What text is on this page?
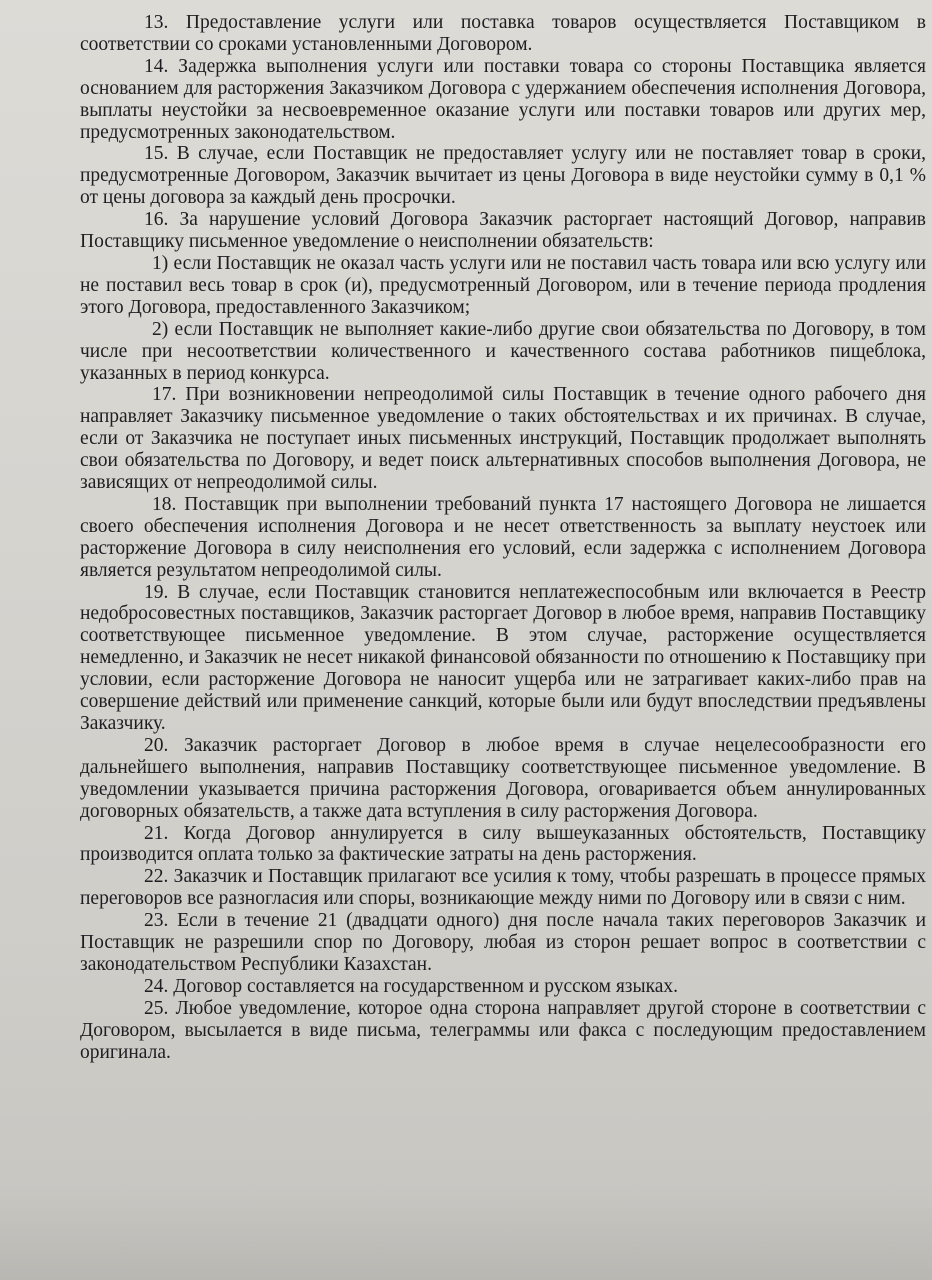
13. Предоставление услуги или поставка товаров осуществляется Поставщиком в соответствии со сроками установленными Договором.

14. Задержка выполнения услуги или поставки товара со стороны Поставщика является основанием для расторжения Заказчиком Договора с удержанием обеспечения исполнения Договора, выплаты неустойки за несвоевременное оказание услуги или поставки товаров или других мер, предусмотренных законодательством.

15. В случае, если Поставщик не предоставляет услугу или не поставляет товар в сроки, предусмотренные Договором, Заказчик вычитает из цены Договора в виде неустойки сумму в 0,1 % от цены договора за каждый день просрочки.

16. За нарушение условий Договора Заказчик расторгает настоящий Договор, направив Поставщику письменное уведомление о неисполнении обязательств:

1) если Поставщик не оказал часть услуги или не поставил часть товара или всю услугу или не поставил весь товар в срок (и), предусмотренный Договором, или в течение периода продления этого Договора, предоставленного Заказчиком;

2) если Поставщик не выполняет какие-либо другие свои обязательства по Договору, в том числе при несоответствии количественного и качественного состава работников пищеблока, указанных в период конкурса.

17. При возникновении непреодолимой силы Поставщик в течение одного рабочего дня направляет Заказчику письменное уведомление о таких обстоятельствах и их причинах. В случае, если от Заказчика не поступает иных письменных инструкций, Поставщик продолжает выполнять свои обязательства по Договору, и ведет поиск альтернативных способов выполнения Договора, не зависящих от непреодолимой силы.

18. Поставщик при выполнении требований пункта 17 настоящего Договора не лишается своего обеспечения исполнения Договора и не несет ответственность за выплату неустоек или расторжение Договора в силу неисполнения его условий, если задержка с исполнением Договора является результатом непреодолимой силы.

19. В случае, если Поставщик становится неплатежеспособным или включается в Реестр недобросовестных поставщиков, Заказчик расторгает Договор в любое время, направив Поставщику соответствующее письменное уведомление. В этом случае, расторжение осуществляется немедленно, и Заказчик не несет никакой финансовой обязанности по отношению к Поставщику при условии, если расторжение Договора не наносит ущерба или не затрагивает каких-либо прав на совершение действий или применение санкций, которые были или будут впоследствии предъявлены Заказчику.

20. Заказчик расторгает Договор в любое время в случае нецелесообразности его дальнейшего выполнения, направив Поставщику соответствующее письменное уведомление. В уведомлении указывается причина расторжения Договора, оговаривается объем аннулированных договорных обязательств, а также дата вступления в силу расторжения Договора.

21. Когда Договор аннулируется в силу вышеуказанных обстоятельств, Поставщику производится оплата только за фактические затраты на день расторжения.

22. Заказчик и Поставщик прилагают все усилия к тому, чтобы разрешать в процессе прямых переговоров все разногласия или споры, возникающие между ними по Договору или в связи с ним.

23. Если в течение 21 (двадцати одного) дня после начала таких переговоров Заказчик и Поставщик не разрешили спор по Договору, любая из сторон решает вопрос в соответствии с законодательством Республики Казахстан.

24. Договор составляется на государственном и русском языках.

25. Любое уведомление, которое одна сторона направляет другой стороне в соответствии с Договором, высылается в виде письма, телеграммы или факса с последующим предоставлением оригинала.
